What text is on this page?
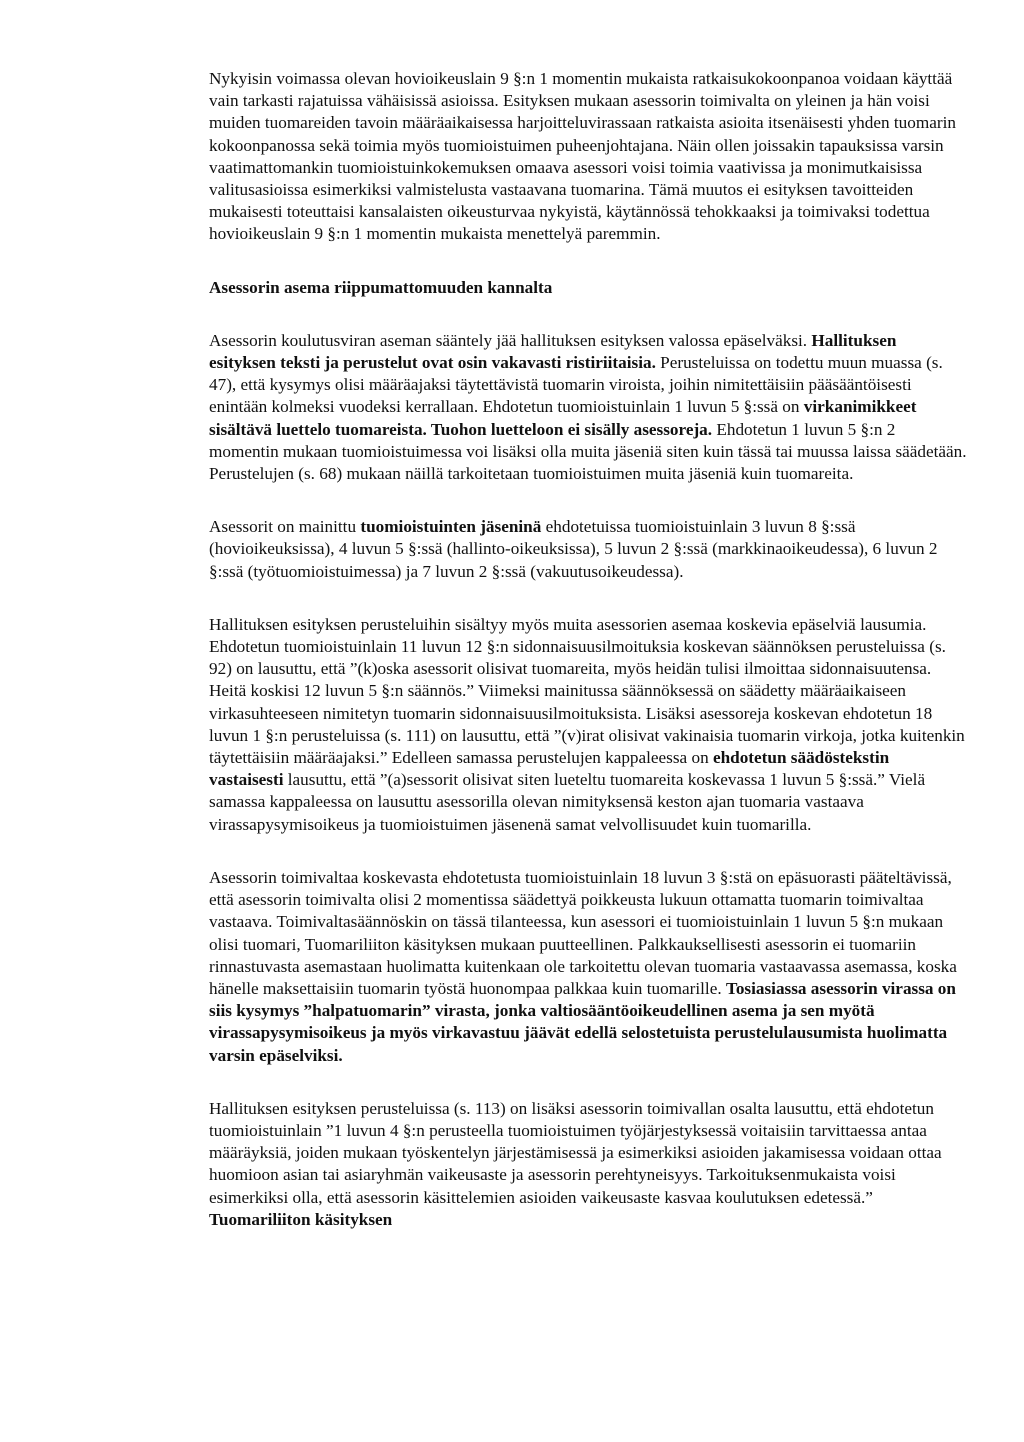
Nykyisin voimassa olevan hovioikeuslain 9 §:n 1 momentin mukaista ratkaisukokoonpanoa voidaan käyttää vain tarkasti rajatuissa vähäisissä asioissa. Esityksen mukaan asessorin toimivalta on yleinen ja hän voisi muiden tuomareiden tavoin määräaikaisessa harjoitteluvirassaan ratkaista asioita itsenäisesti yhden tuomarin kokoonpanossa sekä toimia myös tuomioistuimen puheenjohtajana. Näin ollen joissakin tapauksissa varsin vaatimattomankin tuomioistuinkokemuksen omaava asessori voisi toimia vaativissa ja monimutkaisissa valitusasioissa esimerkiksi valmistelusta vastaavana tuomarina. Tämä muutos ei esityksen tavoitteiden mukaisesti toteuttaisi kansalaisten oikeusturvaa nykyistä, käytännössä tehokkaaksi ja toimivaksi todettua hovioikeuslain 9 §:n 1 momentin mukaista menettelyä paremmin.

Asessorin asema riippumattomuuden kannalta

Asessorin koulutusviran aseman sääntely jää hallituksen esityksen valossa epäselväksi. Hallituksen esityksen teksti ja perustelut ovat osin vakavasti ristiriitaisia. Perusteluissa on todettu muun muassa (s. 47), että kysymys olisi määräajaksi täytettävistä tuomarin viroista, joihin nimitettäisiin pääsääntöisesti enintään kolmeksi vuodeksi kerrallaan. Ehdotetun tuomioistuinlain 1 luvun 5 §:ssä on virkanimikkeet sisältävä luettelo tuomareista. Tuohon luetteloon ei sisälly asessoreja. Ehdotetun 1 luvun 5 §:n 2 momentin mukaan tuomioistuimessa voi lisäksi olla muita jäseniä siten kuin tässä tai muussa laissa säädetään. Perustelujen (s. 68) mukaan näillä tarkoitetaan tuomioistuimen muita jäseniä kuin tuomareita.

Asessorit on mainittu tuomioistuinten jäseninä ehdotetuissa tuomioistuinlain 3 luvun 8 §:ssä (hovioikeuksissa), 4 luvun 5 §:ssä (hallinto-oikeuksissa), 5 luvun 2 §:ssä (markkinaoikeudessa), 6 luvun 2 §:ssä (työtuomioistuimessa) ja 7 luvun 2 §:ssä (vakuutusoikeudessa).

Hallituksen esityksen perusteluihin sisältyy myös muita asessorien asemaa koskevia epäselviä lausumia. Ehdotetun tuomioistuinlain 11 luvun 12 §:n sidonnaisuusilmoituksia koskevan säännöksen perusteluissa (s. 92) on lausuttu, että ”(k)oska asessorit olisivat tuomareita, myös heidän tulisi ilmoittaa sidonnaisuutensa. Heitä koskisi 12 luvun 5 §:n säännös.” Viimeksi mainitussa säännöksessä on säädetty määräaikaiseen virkasuhteeseen nimitetyn tuomarin sidonnaisuusilmoituksista. Lisäksi asessoreja koskevan ehdotetun 18 luvun 1 §:n perusteluissa (s. 111) on lausuttu, että ”(v)irat olisivat vakinaisia tuomarin virkoja, jotka kuitenkin täytettäisiin määräajaksi.” Edelleen samassa perustelujen kappaleessa on ehdotetun säädöstekstin vastaisesti lausuttu, että ”(a)sessorit olisivat siten lueteltu tuomareita koskevassa 1 luvun 5 §:ssä.” Vielä samassa kappaleessa on lausuttu asessorilla olevan nimityksensä keston ajan tuomaria vastaava virassapysymisoikeus ja tuomioistuimen jäsenenä samat velvollisuudet kuin tuomarilla.

Asessorin toimivaltaa koskevasta ehdotetusta tuomioistuinlain 18 luvun 3 §:stä on epäsuorasti pääteltävissä, että asessorin toimivalta olisi 2 momentissa säädettyä poikkeusta lukuun ottamatta tuomarin toimivaltaa vastaava. Toimivaltasäännöskin on tässä tilanteessa, kun asessori ei tuomioistuinlain 1 luvun 5 §:n mukaan olisi tuomari, Tuomariliiton käsityksen mukaan puutteellinen. Palkkauksellisesti asessorin ei tuomariin rinnastuvasta asemastaan huolimatta kuitenkaan ole tarkoitettu olevan tuomaria vastaavassa asemassa, koska hänelle maksettaisiin tuomarin työstä huonompaa palkkaa kuin tuomarille. Tosiasiassa asessorin virassa on siis kysymys ”halpatuomarin” virasta, jonka valtiosääntöoikeudellinen asema ja sen myötä virassapysymisoikeus ja myös virkavastuu jäävät edellä selostetuista perustelulausumista huolimatta varsin epäselviksi.

Hallituksen esityksen perusteluissa (s. 113) on lisäksi asessorin toimivallan osalta lausuttu, että ehdotetun tuomioistuinlain ”1 luvun 4 §:n perusteella tuomioistuimen työjärjestyksessä voitaisiin tarvittaessa antaa määräyksiä, joiden mukaan työskentelyn järjestämisessä ja esimerkiksi asioiden jakamisessa voidaan ottaa huomioon asian tai asiaryhmän vaikeusaste ja asessorin perehtyneisyys. Tarkoituksenmukaista voisi esimerkiksi olla, että asessorin käsittelemien asioiden vaikeusaste kasvaa koulutuksen edetessä.” Tuomariliiton käsityksen
